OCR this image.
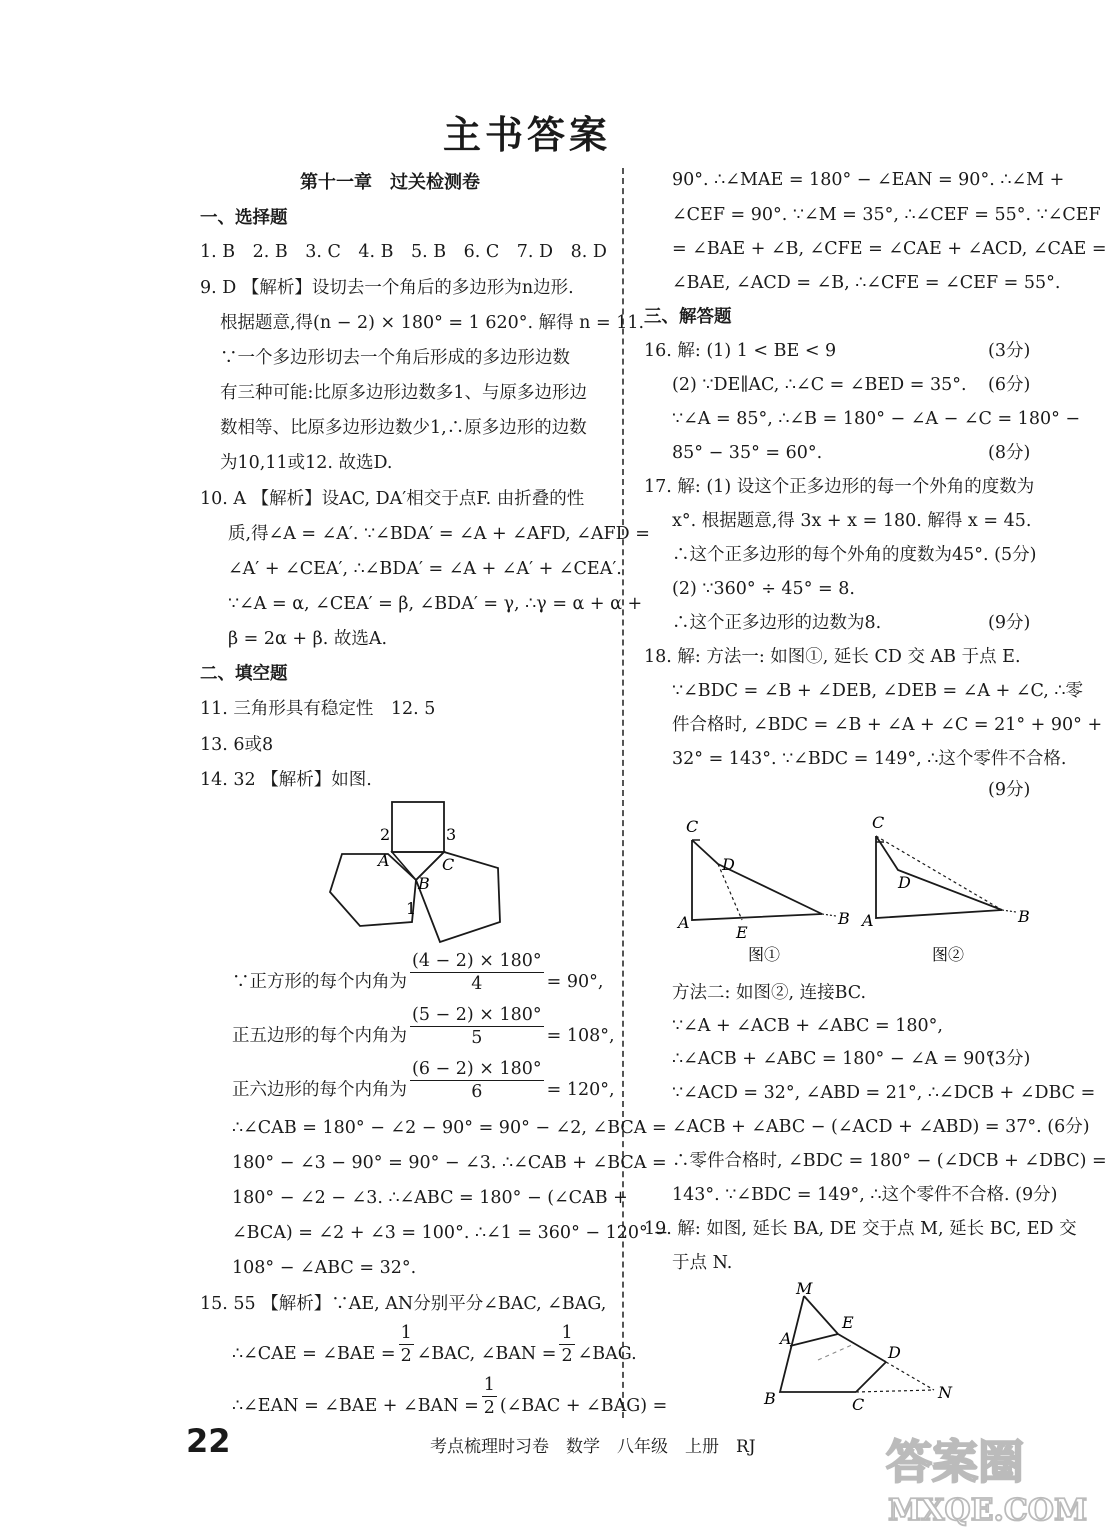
主书答案
第十一章　过关检测卷
一、选择题
1. B　2. B　3. C　4. B　5. B　6. C　7. D　8. D
9. D 【解析】设切去一个角后的多边形为n边形.
根据题意,得(n − 2) × 180° = 1 620°. 解得 n = 11.
∵一个多边形切去一个角后形成的多边形边数
有三种可能:比原多边形边数多1、与原多边形边
数相等、比原多边形边数少1,∴原多边形的边数
为10,11或12. 故选D.
10. A 【解析】设AC, DA′相交于点F. 由折叠的性
质,得∠A = ∠A′. ∵∠BDA′ = ∠A + ∠AFD, ∠AFD =
∠A′ + ∠CEA′, ∴∠BDA′ = ∠A + ∠A′ + ∠CEA′.
∵∠A = α, ∠CEA′ = β, ∠BDA′ = γ, ∴γ = α + α +
β = 2α + β. 故选A.
二、填空题
11. 三角形具有稳定性　12. 5
13. 6或8
14. 32 【解析】如图.
2	3
A	C
B
1
∵正方形的每个内角为 $\frac{(4 - 2) \times 180^\circ}{4} = 90^\circ$,
正五边形的每个内角为 $\frac{(5 - 2) \times 180^\circ}{5} = 108^\circ$,
正六边形的每个内角为 $\frac{(6 - 2) \times 180^\circ}{6} = 120^\circ$,
∴∠CAB = 180° − ∠2 − 90° = 90° − ∠2, ∠BCA =
180° − ∠3 − 90° = 90° − ∠3. ∴∠CAB + ∠BCA =
180° − ∠2 − ∠3. ∴∠ABC = 180° − (∠CAB +
∠BCA) = ∠2 + ∠3 = 100°. ∴∠1 = 360° − 120° −
108° − ∠ABC = 32°.
15. 55 【解析】∵AE, AN分别平分∠BAC, ∠BAG,
∴∠CAE = ∠BAE = $\frac{1}{2}$ ∠BAC, ∠BAN = $\frac{1}{2}$ ∠BAG.
∴∠EAN = ∠BAE + ∠BAN = $\frac{1}{2}$ (∠BAC + ∠BAG) =
90°. ∴∠MAE = 180° − ∠EAN = 90°. ∴∠M +
∠CEF = 90°. ∵∠M = 35°, ∴∠CEF = 55°. ∵∠CEF
= ∠BAE + ∠B, ∠CFE = ∠CAE + ∠ACD, ∠CAE =
∠BAE, ∠ACD = ∠B, ∴∠CFE = ∠CEF = 55°.
三、解答题
16. 解: (1) 1 < BE < 9	(3分)
(2) ∵DE∥AC, ∴∠C = ∠BED = 35°. (6分)
∵∠A = 85°, ∴∠B = 180° − ∠A − ∠C = 180° −
85° − 35° = 60°.	(8分)
17. 解: (1) 设这个正多边形的每一个外角的度数为
x°. 根据题意,得 3x + x = 180. 解得 x = 45.
∴这个正多边形的每个外角的度数为45°. (5分)
(2) ∵360° ÷ 45° = 8.
∴这个正多边形的边数为8.	(9分)
18. 解: 方法一: 如图①, 延长 CD 交 AB 于点 E.
∵∠BDC = ∠B + ∠DEB, ∠DEB = ∠A + ∠C, ∴零
件合格时, ∠BDC = ∠B + ∠A + ∠C = 21° + 90° +
32° = 143°. ∵∠BDC = 149°, ∴这个零件不合格.
(9分)
C
D
A
E
B
图①
C
D
A	B
图②
方法二: 如图②, 连接BC.
∵∠A + ∠ACB + ∠ABC = 180°,
∴∠ACB + ∠ABC = 180° − ∠A = 90°.
(3分)
∵∠ACD = 32°, ∠ABD = 21°, ∴∠DCB + ∠DBC =
∠ACB + ∠ABC − (∠ACD + ∠ABD) = 37°. (6分)
∴零件合格时, ∠BDC = 180° − (∠DCB + ∠DBC) =
143°. ∵∠BDC = 149°, ∴这个零件不合格. (9分)
19. 解: 如图, 延长 BA, DE 交于点 M, 延长 BC, ED 交
于点 N.
M
E
A
D
B	C
N
22	考点梳理时习卷　数学　八年级　上册　RJ	答案圈
MXQE.COM
